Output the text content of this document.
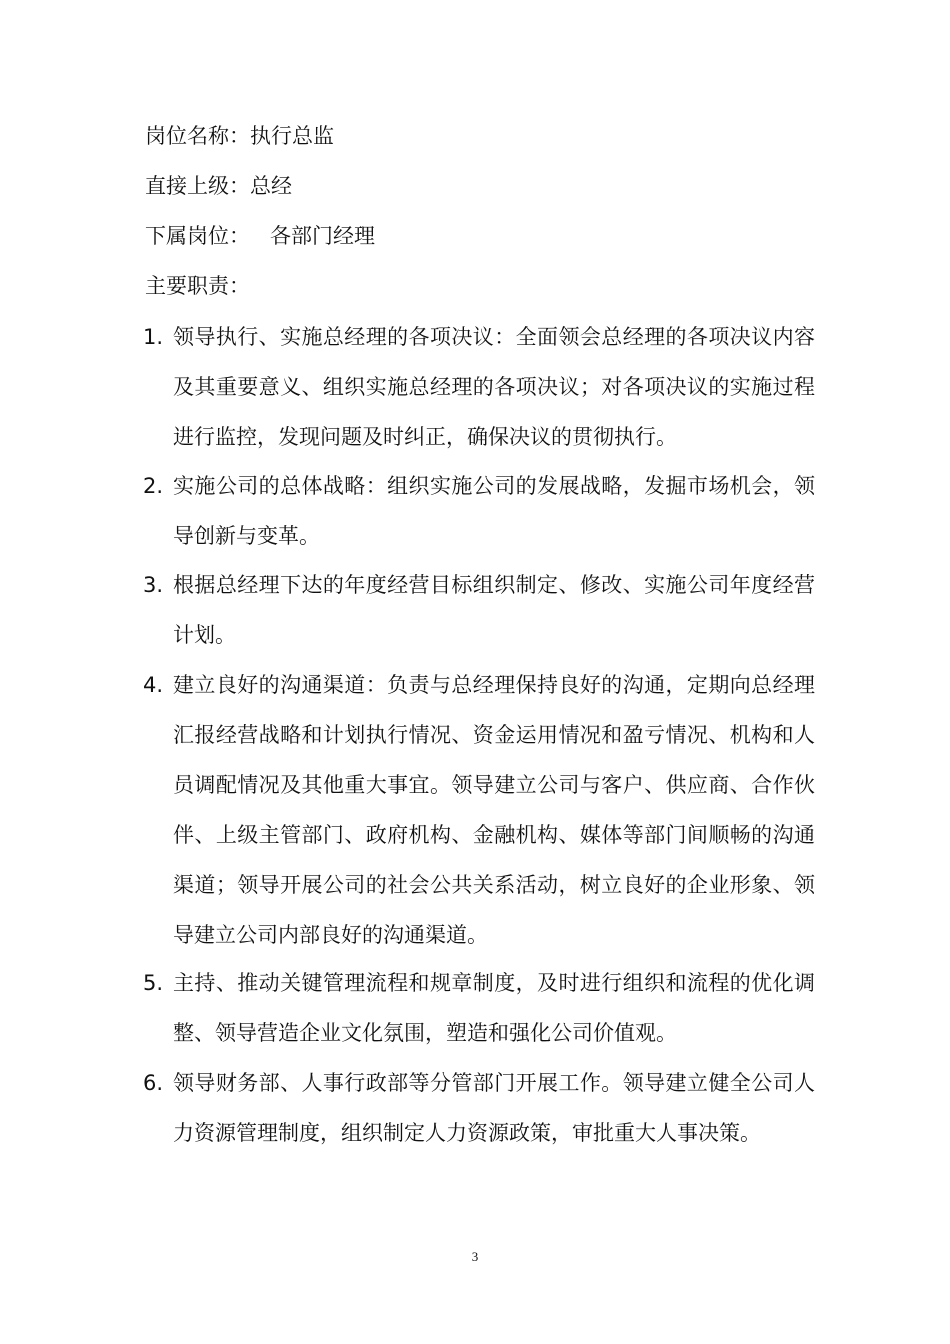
岗位名称：执行总监
直接上级：总经
下属岗位：   各部门经理
主要职责：
1. 领导执行、实施总经理的各项决议：全面领会总经理的各项决议内容及其重要意义、组织实施总经理的各项决议；对各项决议的实施过程进行监控，发现问题及时纠正，确保决议的贯彻执行。
2. 实施公司的总体战略：组织实施公司的发展战略，发掘市场机会，领导创新与变革。
3. 根据总经理下达的年度经营目标组织制定、修改、实施公司年度经营计划。
4. 建立良好的沟通渠道：负责与总经理保持良好的沟通，定期向总经理汇报经营战略和计划执行情况、资金运用情况和盈亏情况、机构和人员调配情况及其他重大事宜。领导建立公司与客户、供应商、合作伙伴、上级主管部门、政府机构、金融机构、媒体等部门间顺畅的沟通渠道；领导开展公司的社会公共关系活动，树立良好的企业形象、领导建立公司内部良好的沟通渠道。
5. 主持、推动关键管理流程和规章制度，及时进行组织和流程的优化调整、领导营造企业文化氛围，塑造和强化公司价值观。
6. 领导财务部、人事行政部等分管部门开展工作。领导建立健全公司人力资源管理制度，组织制定人力资源政策，审批重大人事决策。
3
